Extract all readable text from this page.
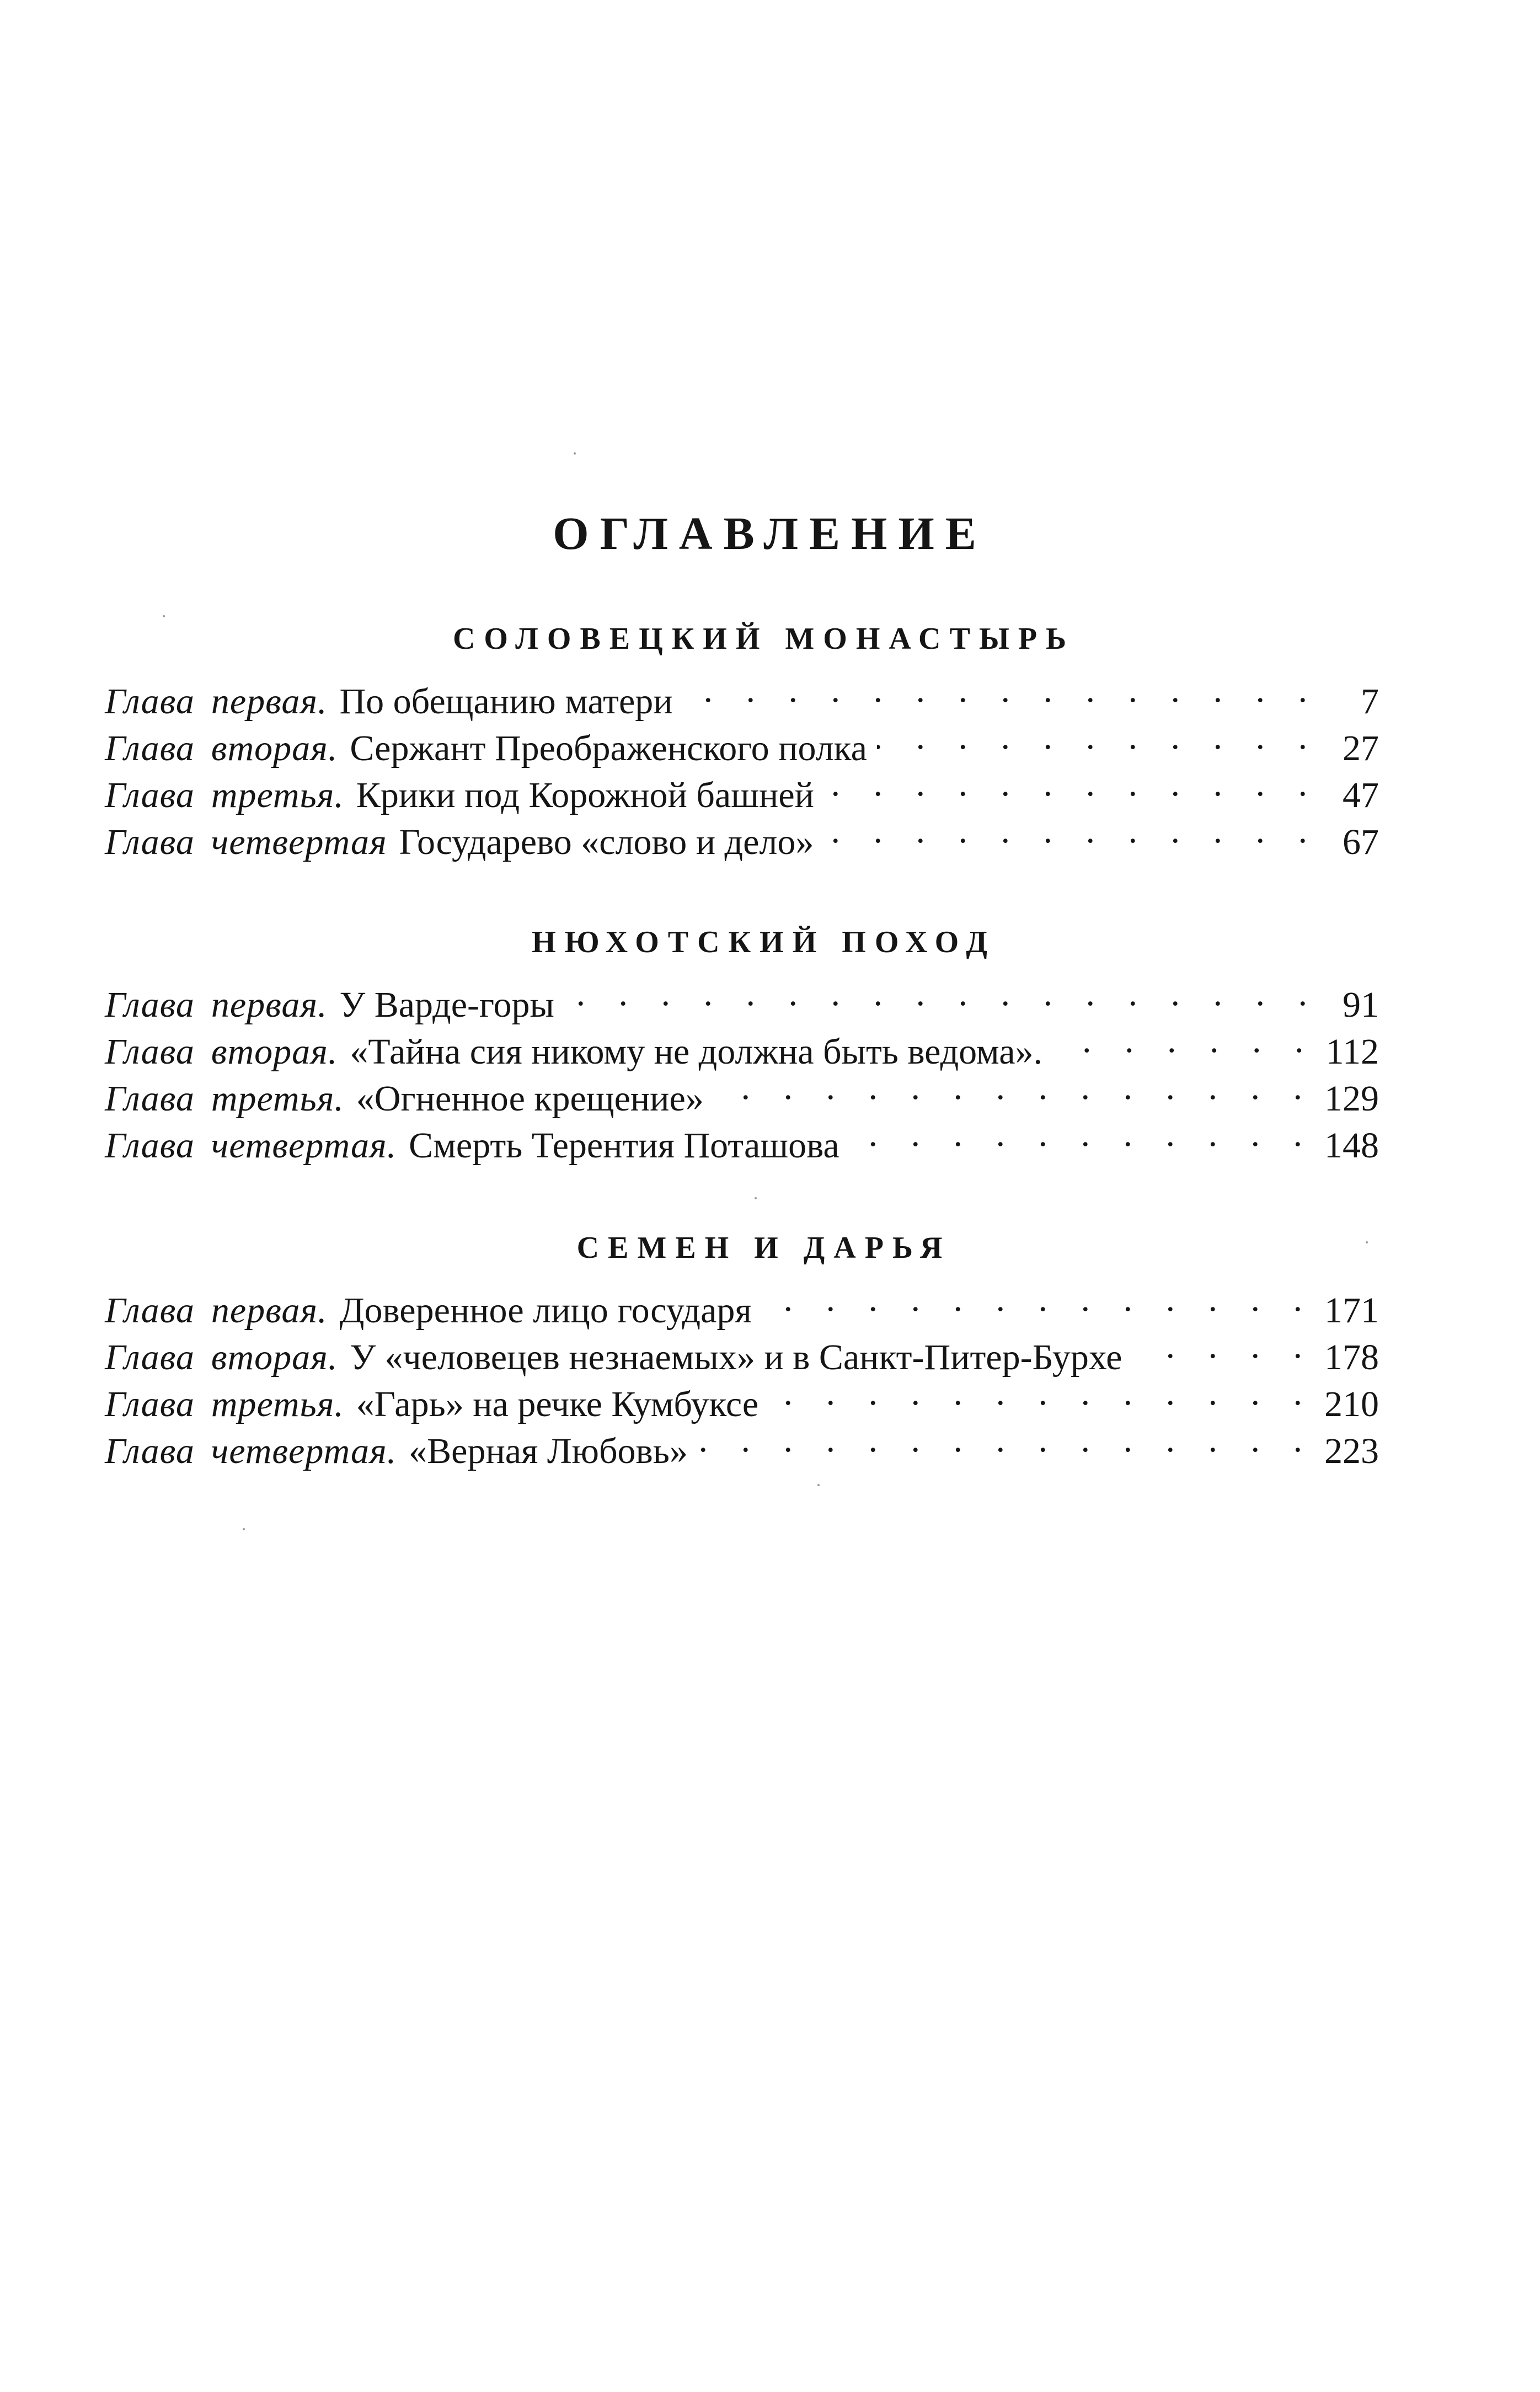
ОГЛАВЛЕНИЕ
СОЛОВЕЦКИЙ МОНАСТЫРЬ
Глава первая. По обещанию матери . . .	7
Глава вторая. Сержант Преображенского полка . . .	27
Глава третья. Крики под Корожной башней . . .	47
Глава четвертая Государево «слово и дело» . . .	67
НЮХОТСКИЙ ПОХОД
Глава первая. У Варде-горы . . .	91
Глава вторая. «Тайна сия никому не должна быть ведома». . . .	112
Глава третья. «Огненное крещение» . . .	129
Глава четвертая. Смерть Терентия Поташова . . .	148
СЕМЕН И ДАРЬЯ
Глава первая. Доверенное лицо государя . . .	171
Глава вторая. У «человецев незнаемых» и в Санкт-Питер-Бурхе . . .	178
Глава третья. «Гарь» на речке Кумбуксе . . .	210
Глава четвертая. «Верная Любовь» . . .	223
